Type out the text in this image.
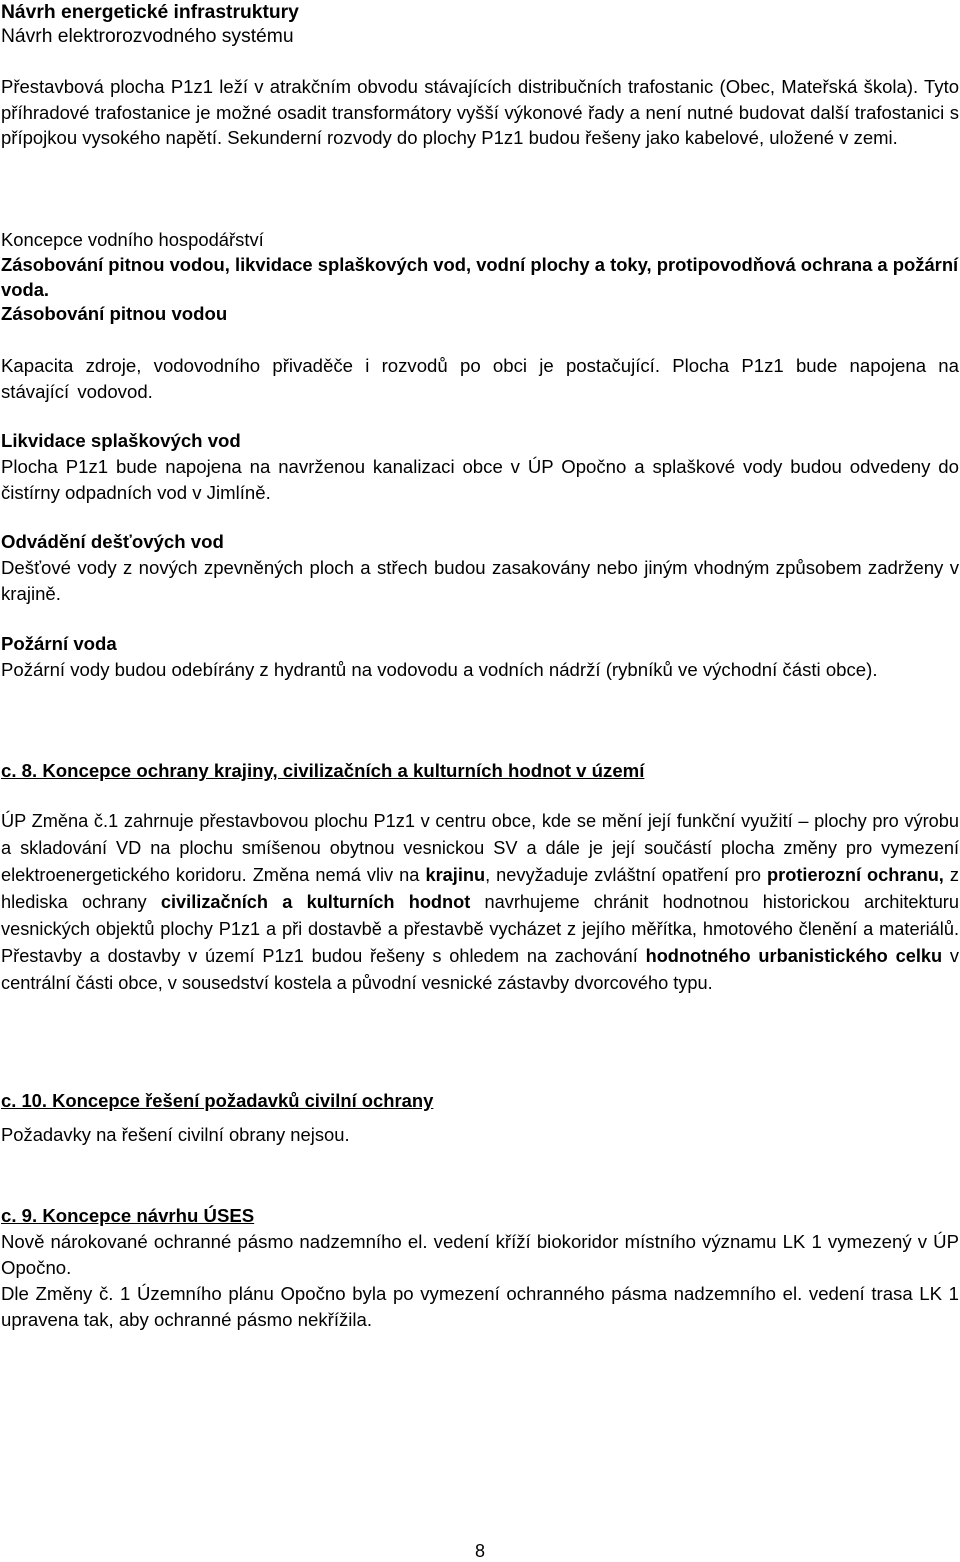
Návrh energetické infrastruktury

Návrh elektrorozvodného systému

Přestavbová plocha P1z1 leží v atrakčním obvodu stávajících distribučních trafostanic (Obec, Mateřská škola). Tyto příhradové trafostanice je možné osadit transformátory vyšší výkonové řady a není nutné budovat další trafostanici s přípojkou vysokého napětí. Sekunderní rozvody do plochy P1z1 budou řešeny jako kabelové, uložené v zemi.

Koncepce vodního hospodářství

Zásobování pitnou vodou, likvidace splaškových vod, vodní plochy a toky, protipovodňová ochrana a požární voda.

Zásobování pitnou vodou

Kapacita zdroje, vodovodního přivaděče i rozvodů po obci je postačující. Plocha P1z1 bude napojena na stávající vodovod.

Likvidace splaškových vod

Plocha P1z1 bude napojena na navrženou kanalizaci obce v ÚP Opočno a splaškové vody budou odvedeny do čistírny odpadních vod v Jimlíně.

Odvádění dešťových vod

Dešťové vody z nových zpevněných ploch a střech budou zasakovány nebo jiným vhodným způsobem zadrženy v krajině.

Požární voda

Požární vody budou odebírány z hydrantů na vodovodu a vodních nádrží (rybníků ve východní části obce).

c. 8. Koncepce ochrany krajiny, civilizačních a kulturních hodnot v území

ÚP Změna č.1 zahrnuje přestavbovou plochu P1z1 v centru obce, kde se mění její funkční využití – plochy pro výrobu a skladování VD na plochu smíšenou obytnou vesnickou SV a dále je její součástí plocha změny pro vymezení elektroenergetického koridoru. Změna nemá vliv na krajinu, nevyžaduje zvláštní opatření pro protierozní ochranu, z hlediska ochrany civilizačních a kulturních hodnot navrhujeme chránit hodnotnou historickou architekturu vesnických objektů plochy P1z1 a při dostavbě a přestavbě vycházet z jejího měřítka, hmotového členění a materiálů. Přestavby a dostavby v území P1z1 budou řešeny s ohledem na zachování hodnotného urbanistického celku v centrální části obce, v sousedství kostela a původní vesnické zástavby dvorcového typu.

c. 10. Koncepce řešení požadavků civilní ochrany

Požadavky na řešení civilní obrany nejsou.

c. 9. Koncepce návrhu ÚSES

Nově nárokované ochranné pásmo nadzemního el. vedení kříží biokoridor místního významu LK 1 vymezený v ÚP Opočno.

Dle Změny č. 1 Územního plánu Opočno byla po vymezení ochranného pásma nadzemního el. vedení trasa LK 1 upravena tak, aby ochranné pásmo nekřížila.

8
